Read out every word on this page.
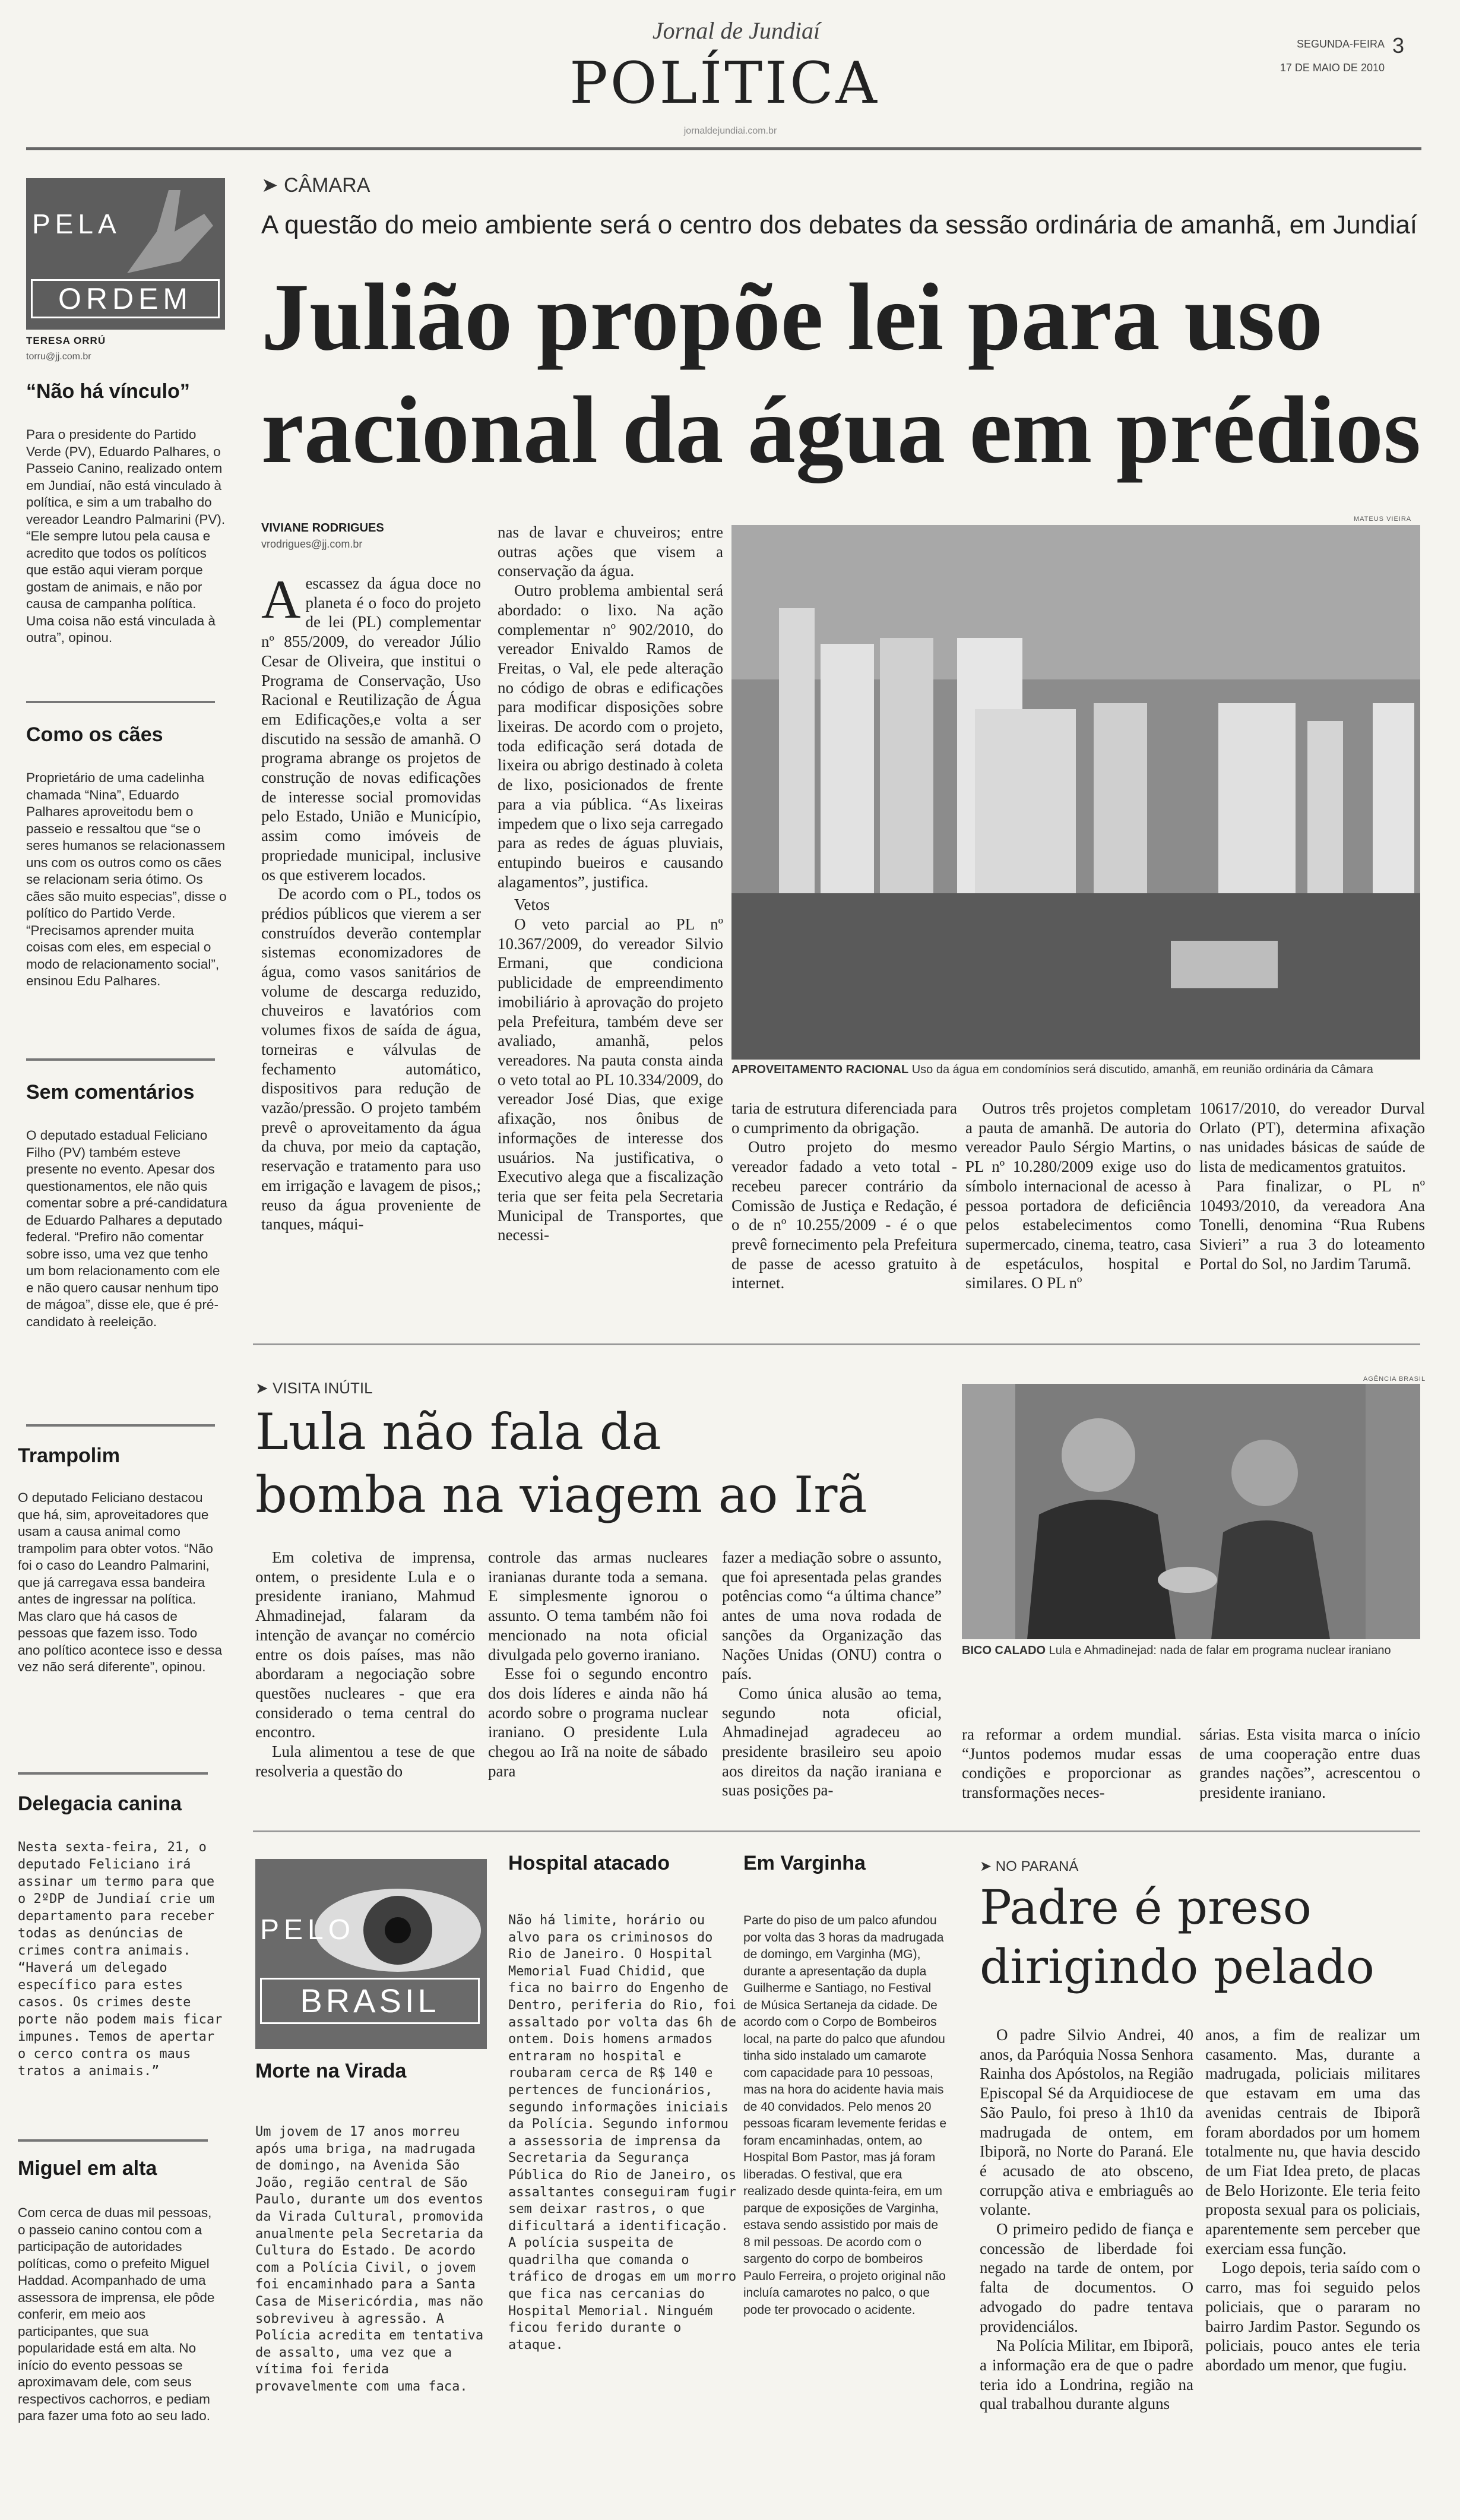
Jornal de Jundiaí
POLÍTICA
jornaldejundiai.com.br
SEGUNDA-FEIRA
17 DE MAIO DE 2010
3
PELA
ORDEM
TERESA ORRÚ
torru@jj.com.br
“Não há vínculo”
Para o presidente do Partido Verde (PV), Eduardo Palhares, o Passeio Canino, realizado ontem em Jundiaí, não está vinculado à política, e sim a um trabalho do vereador Leandro Palmarini (PV). “Ele sempre lutou pela causa e acredito que todos os políticos que estão aqui vieram porque gostam de animais, e não por causa de campanha política. Uma coisa não está vinculada à outra”, opinou.
Como os cães
Proprietário de uma cadelinha chamada “Nina”, Eduardo Palhares aproveitodu bem o passeio e ressaltou que “se o seres humanos se relacionassem uns com os outros como os cães se relacionam seria ótimo. Os cães são muito especias”, disse o político do Partido Verde. “Precisamos aprender muita coisas com eles, em especial o modo de relacionamento social”, ensinou Edu Palhares.
Sem comentários
O deputado estadual Feliciano Filho (PV) também esteve presente no evento. Apesar dos questionamentos, ele não quis comentar sobre a pré-candidatura de Eduardo Palhares a deputado federal. “Prefiro não comentar sobre isso, uma vez que tenho um bom relacionamento com ele e não quero causar nenhum tipo de mágoa”, disse ele, que é pré-candidato à reeleição.
Trampolim
O deputado Feliciano destacou que há, sim, aproveitadores que usam a causa animal como trampolim para obter votos. “Não foi o caso do Leandro Palmarini, que já carregava essa bandeira antes de ingressar na política. Mas claro que há casos de pessoas que fazem isso. Todo ano político acontece isso e dessa vez não será diferente”, opinou.
Delegacia canina
Nesta sexta-feira, 21, o deputado Feliciano irá assinar um termo para que o 2ºDP de Jundiaí crie um departamento para receber todas as denúncias de crimes contra animais. “Haverá um delegado específico para estes casos. Os crimes deste porte não podem mais ficar impunes. Temos de apertar o cerco contra os maus tratos a animais.”
Miguel em alta
Com cerca de duas mil pessoas, o passeio canino contou com a participação de autoridades políticas, como o prefeito Miguel Haddad. Acompanhado de uma assessora de imprensa, ele pôde conferir, em meio aos participantes, que sua popularidade está em alta. No início do evento pessoas se aproximavam dele, com seus respectivos cachorros, e pediam para fazer uma foto ao seu lado.
➤ CÂMARA
A questão do meio ambiente será o centro dos debates da sessão ordinária de amanhã, em Jundiaí
Julião propõe lei para uso
racional da água em prédios
VIVIANE RODRIGUES
vrodrigues@jj.com.br
A escassez da água doce no planeta é o foco do projeto de lei (PL) complementar nº 855/2009, do vereador Júlio Cesar de Oliveira, que institui o Programa de Conservação, Uso Racional e Reutilização de Água em Edificações,e volta a ser discutido na sessão de amanhã. O programa abrange os projetos de construção de novas edificações de interesse social promovidas pelo Estado, União e Município, assim como imóveis de propriedade municipal, inclusive os que estiverem locados.

De acordo com o PL, todos os prédios públicos que vierem a ser construídos deverão contemplar sistemas economizadores de água, como vasos sanitários de volume de descarga reduzido, chuveiros e lavatórios com volumes fixos de saída de água, torneiras e válvulas de fechamento automático, dispositivos para redução de vazão/pressão. O projeto também prevê o aproveitamento da água da chuva, por meio da captação, reservação e tratamento para uso em irrigação e lavagem de pisos,; reuso da água proveniente de tanques, máqui-

nas de lavar e chuveiros; entre outras ações que visem a conservação da água.

Outro problema ambiental será abordado: o lixo. Na ação complementar nº 902/2010, do vereador Enivaldo Ramos de Freitas, o Val, ele pede alteração no código de obras e edificações para modificar disposições sobre lixeiras. De acordo com o projeto, toda edificação será dotada de lixeira ou abrigo destinado à coleta de lixo, posicionados de frente para a via pública. “As lixeiras impedem que o lixo seja carregado para as redes de águas pluviais, entupindo bueiros e causando alagamentos”, justifica.

Vetos

O veto parcial ao PL nº 10.367/2009, do vereador Silvio Ermani, que condiciona publicidade de empreendimento imobiliário à aprovação do projeto pela Prefeitura, também deve ser avaliado, amanhã, pelos vereadores. Na pauta consta ainda o veto total ao PL 10.334/2009, do vereador José Dias, que exige afixação, nos ônibus de informações de interesse dos usuários. Na justificativa, o Executivo alega que a fiscalização teria que ser feita pela Secretaria Municipal de Transportes, que necessi-

MATEUS VIEIRA
APROVEITAMENTO RACIONAL Uso da água em condomínios será discutido, amanhã, em reunião ordinária da Câmara

taria de estrutura diferenciada para o cumprimento da obrigação.

Outro projeto do mesmo vereador fadado a veto total - recebeu parecer contrário da Comissão de Justiça e Redação, é o de nº 10.255/2009 - é o que prevê fornecimento pela Prefeitura de passe de acesso gratuito à internet.

Outros três projetos completam a pauta de amanhã. De autoria do vereador Paulo Sérgio Martins, o PL nº 10.280/2009 exige uso do símbolo internacional de acesso à pessoa portadora de deficiência pelos estabelecimentos como supermercado, cinema, teatro, casa de espetáculos, hospital e similares. O PL nº

10617/2010, do vereador Durval Orlato (PT), determina afixação nas unidades básicas de saúde de lista de medicamentos gratuitos.

Para finalizar, o PL nº 10493/2010, da vereadora Ana Tonelli, denomina “Rua Rubens Sivieri” a rua 3 do loteamento Portal do Sol, no Jardim Tarumã.

➤ VISITA INÚTIL
Lula não fala da
bomba na viagem ao Irã

Em coletiva de imprensa, ontem, o presidente Lula e o presidente iraniano, Mahmud Ahmadinejad, falaram da intenção de avançar no comércio entre os dois países, mas não abordaram a negociação sobre questões nucleares - que era considerado o tema central do encontro.

Lula alimentou a tese de que resolveria a questão do

controle das armas nucleares iranianas durante toda a semana. E simplesmente ignorou o assunto. O tema também não foi mencionado na nota oficial divulgada pelo governo iraniano.

Esse foi o segundo encontro dos dois líderes e ainda não há acordo sobre o programa nuclear iraniano. O presidente Lula chegou ao Irã na noite de sábado para

fazer a mediação sobre o assunto, que foi apresentada pelas grandes potências como “a última chance” antes de uma nova rodada de sanções da Organização das Nações Unidas (ONU) contra o país.

Como única alusão ao tema, segundo nota oficial, Ahmadinejad agradeceu ao presidente brasileiro seu apoio aos direitos da nação iraniana e suas posições pa-

AGÊNCIA BRASIL
BICO CALADO Lula e Ahmadinejad: nada de falar em programa nuclear iraniano

ra reformar a ordem mundial. “Juntos podemos mudar essas condições e proporcionar as transformações neces-

sárias. Esta visita marca o início de uma cooperação entre duas grandes nações”, acrescentou o presidente iraniano.

PELO
BRASIL
Morte na Virada
Um jovem de 17 anos morreu após uma briga, na madrugada de domingo, na Avenida São João, região central de São Paulo, durante um dos eventos da Virada Cultural, promovida anualmente pela Secretaria da Cultura do Estado. De acordo com a Polícia Civil, o jovem foi encaminhado para a Santa Casa de Misericórdia, mas não sobreviveu à agressão. A Polícia acredita em tentativa de assalto, uma vez que a vítima foi ferida provavelmente com uma faca.
Hospital atacado
Não há limite, horário ou alvo para os criminosos do Rio de Janeiro. O Hospital Memorial Fuad Chidid, que fica no bairro do Engenho de Dentro, periferia do Rio, foi assaltado por volta das 6h de ontem. Dois homens armados entraram no hospital e roubaram cerca de R$ 140 e pertences de funcionários, segundo informações iniciais da Polícia. Segundo informou a assessoria de imprensa da Secretaria da Segurança Pública do Rio de Janeiro, os assaltantes conseguiram fugir sem deixar rastros, o que dificultará a identificação. A polícia suspeita de quadrilha que comanda o tráfico de drogas em um morro que fica nas cercanias do Hospital Memorial. Ninguém ficou ferido durante o ataque.
Em Varginha
Parte do piso de um palco afundou por volta das 3 horas da madrugada de domingo, em Varginha (MG), durante a apresentação da dupla Guilherme e Santiago, no Festival de Música Sertaneja da cidade. De acordo com o Corpo de Bombeiros local, na parte do palco que afundou tinha sido instalado um camarote com capacidade para 10 pessoas, mas na hora do acidente havia mais de 40 convidados. Pelo menos 20 pessoas ficaram levemente feridas e foram encaminhadas, ontem, ao Hospital Bom Pastor, mas já foram liberadas. O festival, que era realizado desde quinta-feira, em um parque de exposições de Varginha, estava sendo assistido por mais de 8 mil pessoas. De acordo com o sargento do corpo de bombeiros Paulo Ferreira, o projeto original não incluía camarotes no palco, o que pode ter provocado o acidente.
➤ NO PARANÁ
Padre é preso
dirigindo pelado

O padre Silvio Andrei, 40 anos, da Paróquia Nossa Senhora Rainha dos Apóstolos, na Região Episcopal Sé da Arquidiocese de São Paulo, foi preso à 1h10 da madrugada de ontem, em Ibiporã, no Norte do Paraná. Ele é acusado de ato obsceno, corrupção ativa e embriaguês ao volante.

O primeiro pedido de fiança e concessão de liberdade foi negado na tarde de ontem, por falta de documentos. O advogado do padre tentava providenciálos.

Na Polícia Militar, em Ibiporã, a informação era de que o padre teria ido a Londrina, região na qual trabalhou durante alguns

anos, a fim de realizar um casamento. Mas, durante a madrugada, policiais militares que estavam em uma das avenidas centrais de Ibiporã foram abordados por um homem totalmente nu, que havia descido de um Fiat Idea preto, de placas de Belo Horizonte. Ele teria feito proposta sexual para os policiais, aparentemente sem perceber que exerciam essa função.

Logo depois, teria saído com o carro, mas foi seguido pelos policiais, que o pararam no bairro Jardim Pastor. Segundo os policiais, pouco antes ele teria abordado um menor, que fugiu.
